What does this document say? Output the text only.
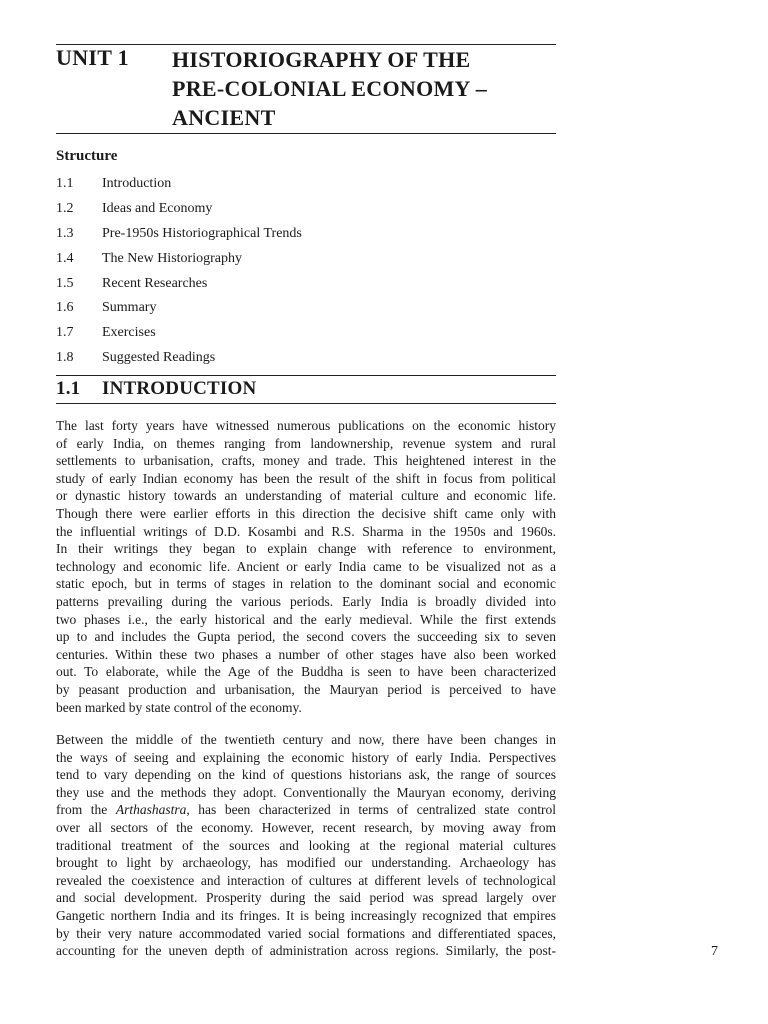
UNIT 1 HISTORIOGRAPHY OF THE
PRE-COLONIAL ECONOMY –
ANCIENT
Structure
1.1	Introduction
1.2	Ideas and Economy
1.3	Pre-1950s Historiographical Trends
1.4	The New Historiography
1.5	Recent Researches
1.6	Summary
1.7	Exercises
1.8	Suggested Readings
1.1	INTRODUCTION

The last forty years have witnessed numerous publications on the economic history
of early India, on themes ranging from landownership, revenue system and rural
settlements to urbanisation, crafts, money and trade. This heightened interest in the
study of early Indian economy has been the result of the shift in focus from political
or dynastic history towards an understanding of material culture and economic life.
Though there were earlier efforts in this direction the decisive shift came only with
the influential writings of D.D. Kosambi and R.S. Sharma in the 1950s and 1960s.
In their writings they began to explain change with reference to environment,
technology and economic life. Ancient or early India came to be visualized not as a
static epoch, but in terms of stages in relation to the dominant social and economic
patterns prevailing during the various periods. Early India is broadly divided into
two phases i.e., the early historical and the early medieval. While the first extends
up to and includes the Gupta period, the second covers the succeeding six to seven
centuries. Within these two phases a number of other stages have also been worked
out. To elaborate, while the Age of the Buddha is seen to have been characterized
by peasant production and urbanisation, the Mauryan period is perceived to have
been marked by state control of the economy.

Between the middle of the twentieth century and now, there have been changes in
the ways of seeing and explaining the economic history of early India. Perspectives
tend to vary depending on the kind of questions historians ask, the range of sources
they use and the methods they adopt. Conventionally the Mauryan economy, deriving
from the Arthashastra, has been characterized in terms of centralized state control
over all sectors of the economy. However, recent research, by moving away from
traditional treatment of the sources and looking at the regional material cultures
brought to light by archaeology, has modified our understanding. Archaeology has
revealed the coexistence and interaction of cultures at different levels of technological
and social development. Prosperity during the said period was spread largely over
Gangetic northern India and its fringes. It is being increasingly recognized that empires
by their very nature accommodated varied social formations and differentiated spaces,
accounting for the uneven depth of administration across regions. Similarly, the post-	7
